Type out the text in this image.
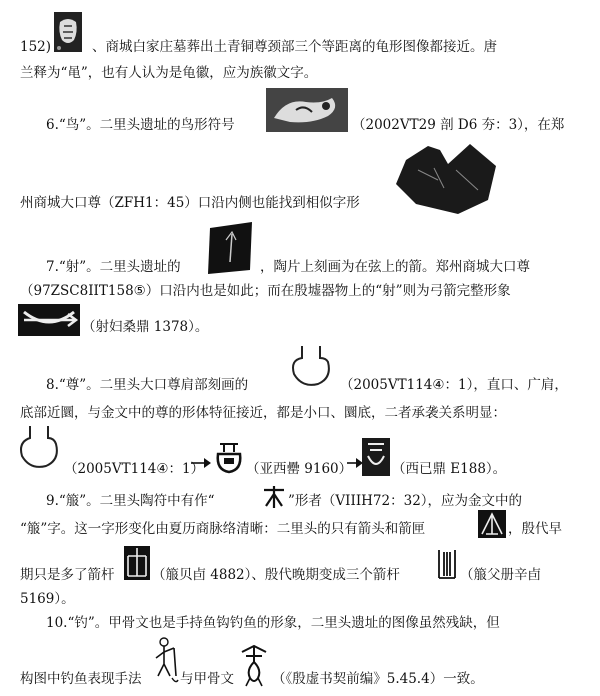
152)	、商城白家庄墓葬出土青铜尊颈部三个等距离的龟形图像都接近。唐
兰释为“黾”，也有人认为是龟徽，应为族徽文字。
6.“鸟”。二里头遗址的鸟形符号	（2002VT29 剖 D6 夯：3），在郑
州商城大口尊（ZFH1：45）口沿内侧也能找到相似字形
7.“射”。二里头遗址的	，陶片上刻画为在弦上的箭。郑州商城大口尊
（97ZSC8IIT158⑤）口沿内也是如此；而在殷墟器物上的“射”则为弓箭完整形象
（射妇桑鼎 1378）。
8.“尊”。二里头大口尊肩部刻画的	（2005VT114④：1），直口、广肩，
底部近圜，与金文中的尊的形体特征接近，都是小口、圜底，二者承袭关系明显：
（2005VT114④：1）	（亚西罍 9160）	（西已鼎 E188）。
9.“箙”。二里头陶符中有作“	”形者（VIIIH72：32），应为金文中的
“箙”字。这一字形变化由夏历商脉络清晰：二里头的只有箭头和箭匣	，殷代早
期只是多了箭杆	（箙贝卣 4882）、殷代晚期变成三个箭杆	（箙父册辛卣
5169）。
10.“钓”。甲骨文也是手持鱼钩钓鱼的形象，二里头遗址的图像虽然残缺，但
构图中钓鱼表现手法	与甲骨文	（《殷虚书契前编》5.45.4）一致。
